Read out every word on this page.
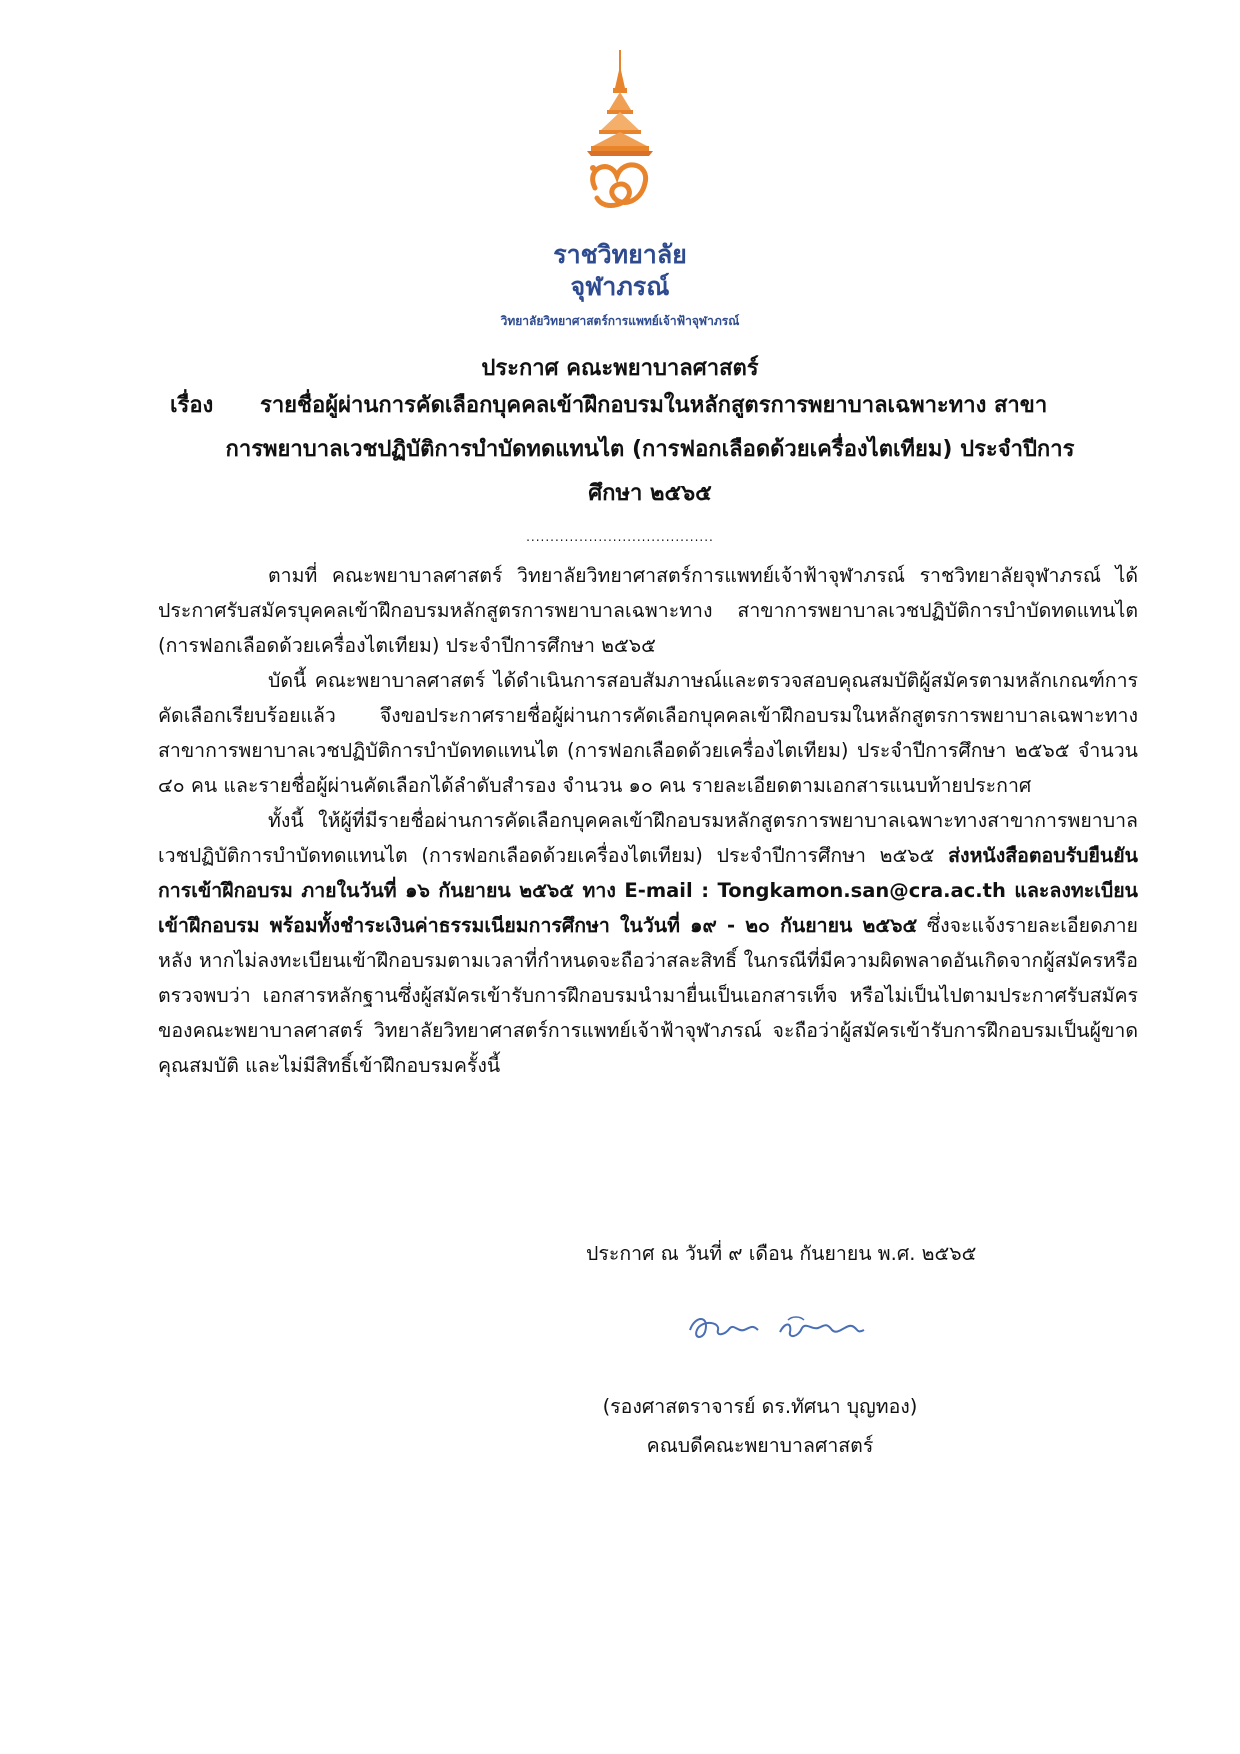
ราชวิทยาลัย
จุฬาภรณ์
วิทยาลัยวิทยาศาสตร์การแพทย์เจ้าฟ้าจุฬาภรณ์
ประกาศ คณะพยาบาลศาสตร์
เรื่อง	รายชื่อผู้ผ่านการคัดเลือกบุคคลเข้าฝึกอบรมในหลักสูตรการพยาบาลเฉพาะทาง สาขา
การพยาบาลเวชปฏิบัติการบำบัดทดแทนไต (การฟอกเลือดด้วยเครื่องไตเทียม) ประจำปีการ
ศึกษา ๒๕๖๕
.......................................

ตามที่ คณะพยาบาลศาสตร์ วิทยาลัยวิทยาศาสตร์การแพทย์เจ้าฟ้าจุฬาภรณ์ ราชวิทยาลัยจุฬาภรณ์ ได้ประกาศรับสมัครบุคคลเข้าฝึกอบรมหลักสูตรการพยาบาลเฉพาะทาง สาขาการพยาบาลเวชปฏิบัติการบำบัดทดแทนไต (การฟอกเลือดด้วยเครื่องไตเทียม) ประจำปีการศึกษา ๒๕๖๕

บัดนี้ คณะพยาบาลศาสตร์ ได้ดำเนินการสอบสัมภาษณ์และตรวจสอบคุณสมบัติผู้สมัครตามหลักเกณฑ์การคัดเลือกเรียบร้อยแล้ว จึงขอประกาศรายชื่อผู้ผ่านการคัดเลือกบุคคลเข้าฝึกอบรมในหลักสูตรการพยาบาลเฉพาะทาง สาขาการพยาบาลเวชปฏิบัติการบำบัดทดแทนไต (การฟอกเลือดด้วยเครื่องไตเทียม) ประจำปีการศึกษา ๒๕๖๕ จำนวน ๔๐ คน และรายชื่อผู้ผ่านคัดเลือกได้ลำดับสำรอง จำนวน ๑๐ คน รายละเอียดตามเอกสารแนบท้ายประกาศ

ทั้งนี้ ให้ผู้ที่มีรายชื่อผ่านการคัดเลือกบุคคลเข้าฝึกอบรมหลักสูตรการพยาบาลเฉพาะทางสาขาการพยาบาลเวชปฏิบัติการบำบัดทดแทนไต (การฟอกเลือดด้วยเครื่องไตเทียม) ประจำปีการศึกษา ๒๕๖๕ ส่งหนังสือตอบรับยืนยันการเข้าฝึกอบรม ภายในวันที่ ๑๖ กันยายน ๒๕๖๕ ทาง E-mail : Tongkamon.san@cra.ac.th และลงทะเบียนเข้าฝึกอบรม พร้อมทั้งชำระเงินค่าธรรมเนียมการศึกษา ในวันที่ ๑๙ - ๒๐ กันยายน ๒๕๖๕ ซึ่งจะแจ้งรายละเอียดภายหลัง หากไม่ลงทะเบียนเข้าฝึกอบรมตามเวลาที่กำหนดจะถือว่าสละสิทธิ์ ในกรณีที่มีความผิดพลาดอันเกิดจากผู้สมัครหรือตรวจพบว่า เอกสารหลักฐานซึ่งผู้สมัครเข้ารับการฝึกอบรมนำมายื่นเป็นเอกสารเท็จ หรือไม่เป็นไปตามประกาศรับสมัครของคณะพยาบาลศาสตร์ วิทยาลัยวิทยาศาสตร์การแพทย์เจ้าฟ้าจุฬาภรณ์ จะถือว่าผู้สมัครเข้ารับการฝึกอบรมเป็นผู้ขาดคุณสมบัติ และไม่มีสิทธิ์เข้าฝึกอบรมครั้งนี้

ประกาศ ณ วันที่ ๙ เดือน กันยายน พ.ศ. ๒๕๖๕
(รองศาสตราจารย์ ดร.ทัศนา บุญทอง)
คณบดีคณะพยาบาลศาสตร์
